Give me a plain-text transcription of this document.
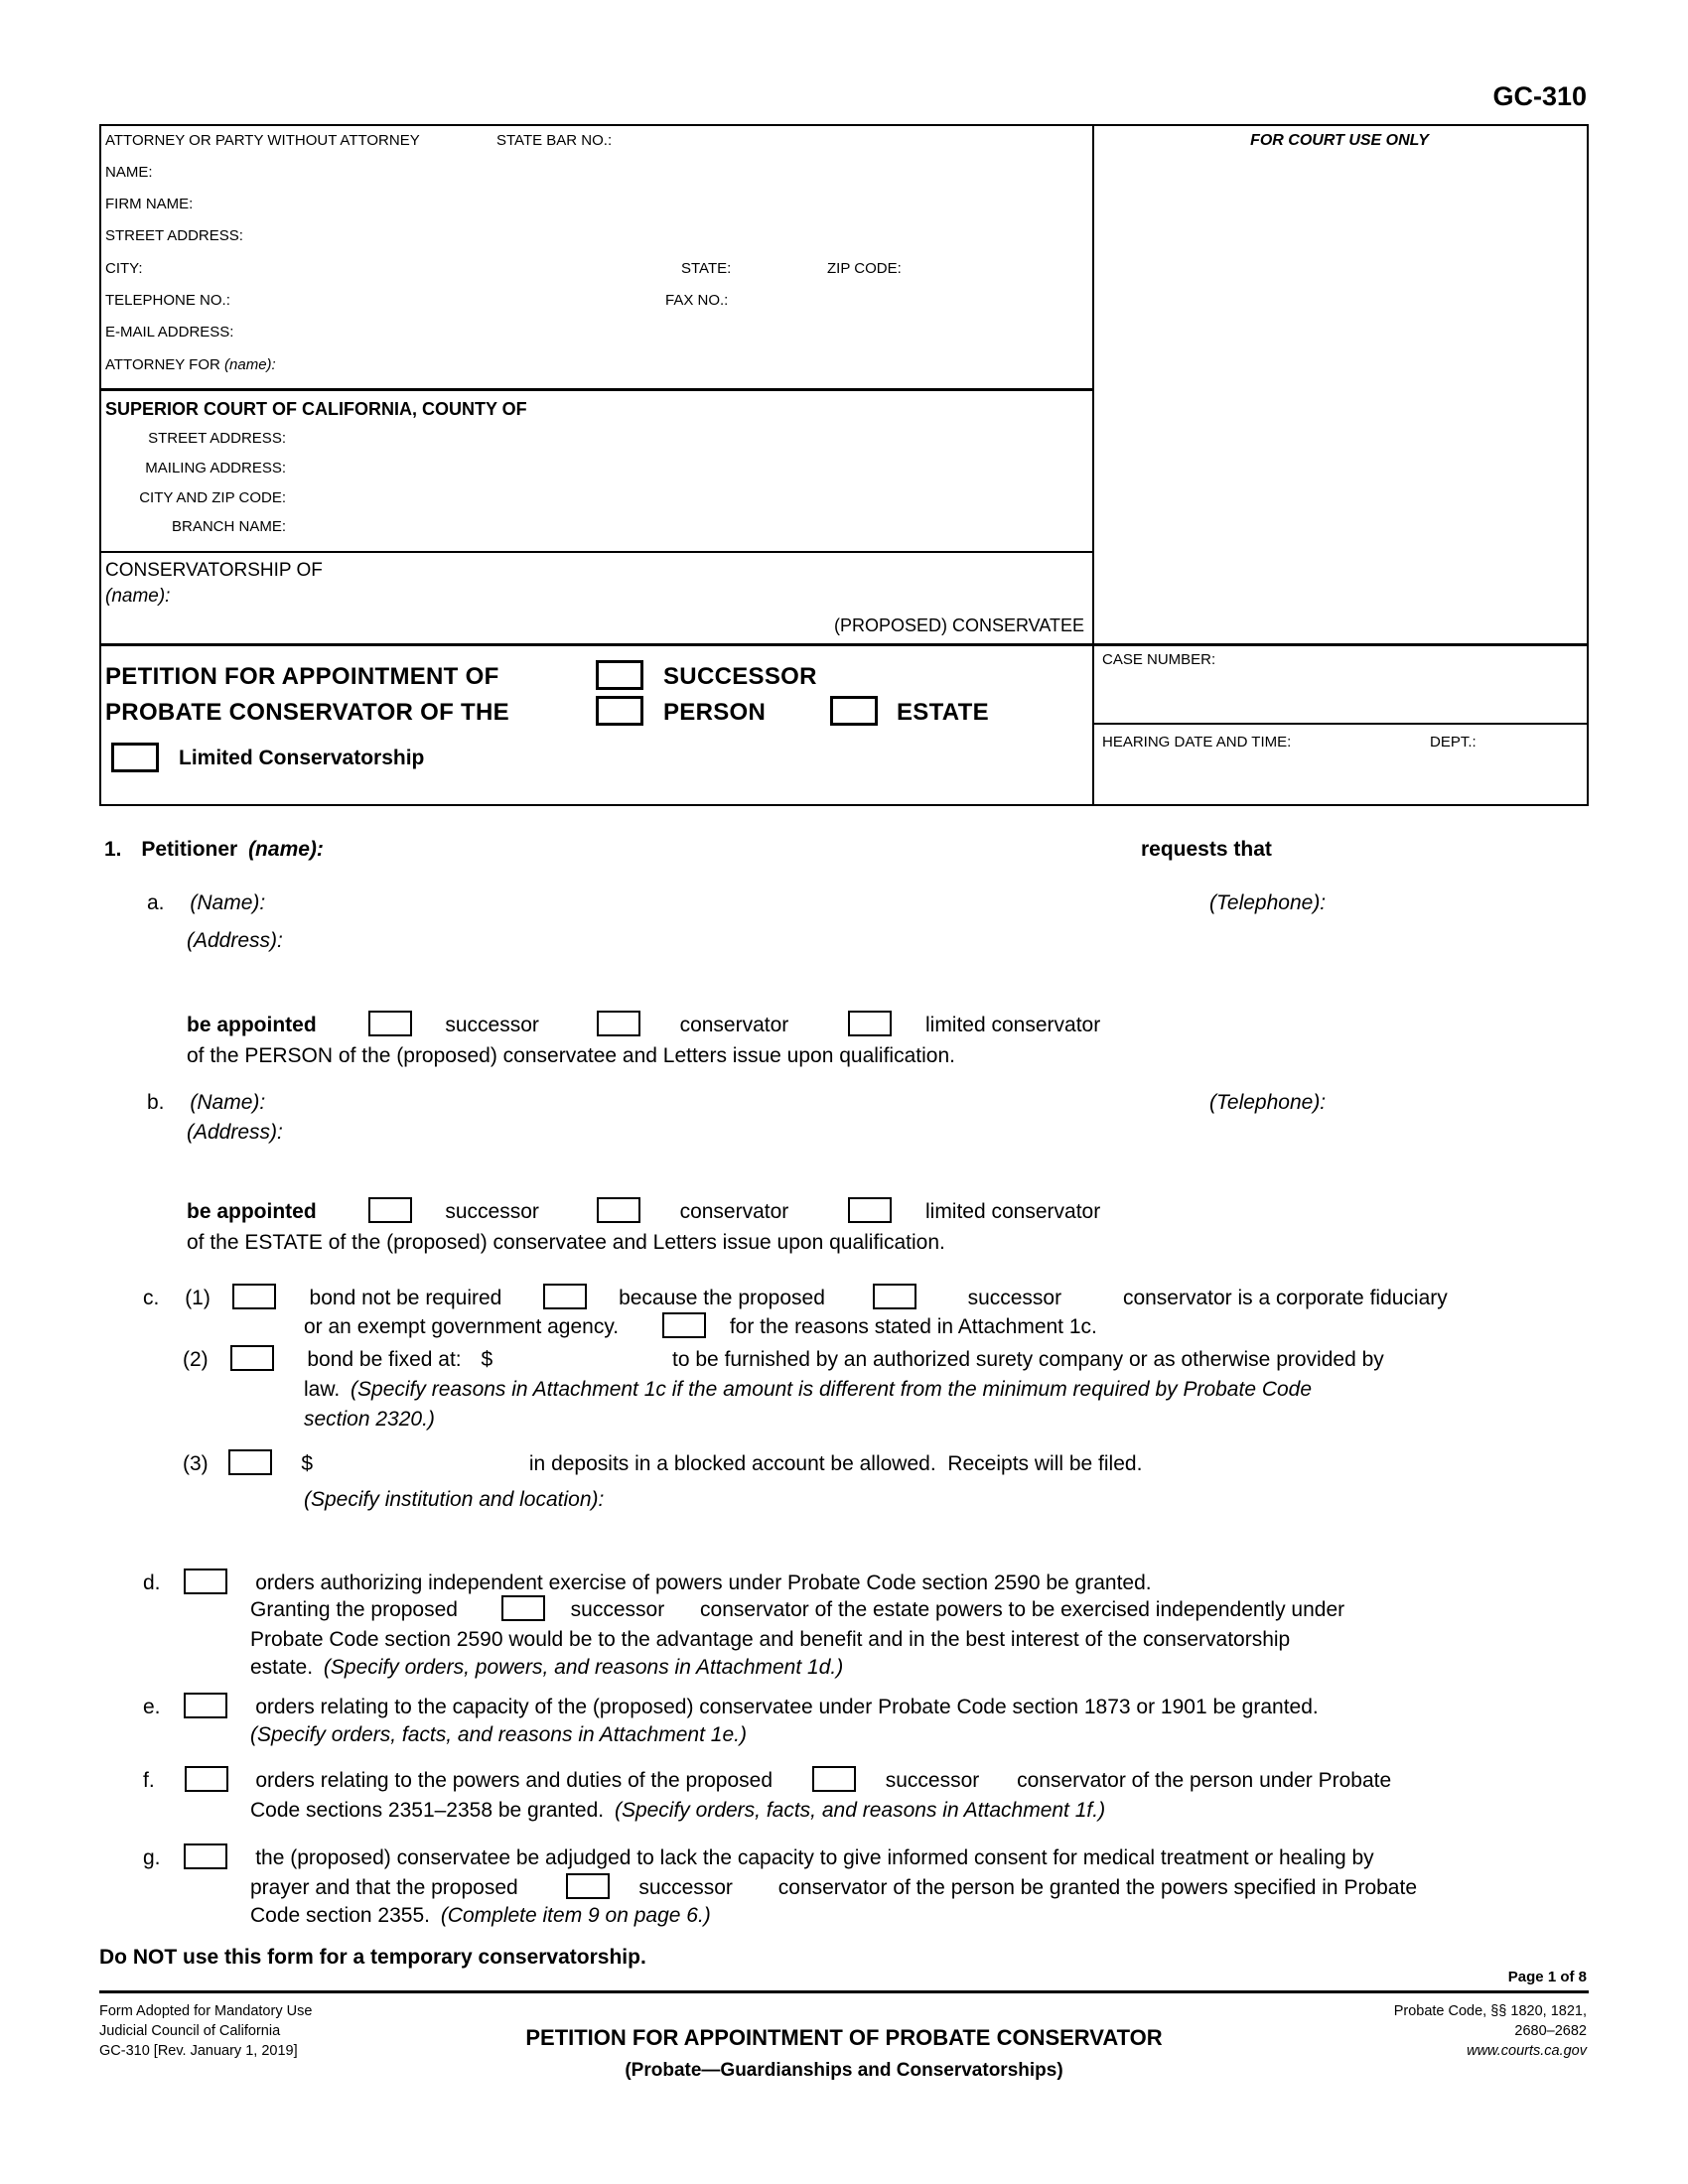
GC-310
ATTORNEY OR PARTY WITHOUT ATTORNEY	STATE BAR NO.:
NAME:
FIRM NAME:
STREET ADDRESS:
CITY:	STATE:	ZIP CODE:
TELEPHONE NO.:	FAX NO.:
E-MAIL ADDRESS:
ATTORNEY FOR (name):
FOR COURT USE ONLY
SUPERIOR COURT OF CALIFORNIA, COUNTY OF
STREET ADDRESS:
MAILING ADDRESS:
CITY AND ZIP CODE:
BRANCH NAME:
CONSERVATORSHIP OF
(name):
(PROPOSED) CONSERVATEE
PETITION FOR APPOINTMENT OF	SUCCESSOR
PROBATE CONSERVATOR OF THE	PERSON	ESTATE
Limited Conservatorship
CASE NUMBER:
HEARING DATE AND TIME:	DEPT.:
1. Petitioner (name):	requests that
a. (Name):	(Telephone):
(Address):
be appointed	successor	conservator	limited conservator
of the PERSON of the (proposed) conservatee and Letters issue upon qualification.
b. (Name):	(Telephone):
(Address):
be appointed	successor	conservator	limited conservator
of the ESTATE of the (proposed) conservatee and Letters issue upon qualification.
c. (1)	bond not be required	because the proposed	successor	conservator is a corporate fiduciary
or an exempt government agency.	for the reasons stated in Attachment 1c.
(2)	bond be fixed at: $	to be furnished by an authorized surety company or as otherwise provided by
law. (Specify reasons in Attachment 1c if the amount is different from the minimum required by Probate Code
section 2320.)
(3)	$	in deposits in a blocked account be allowed.  Receipts will be filed.
(Specify institution and location):
d.	orders authorizing independent exercise of powers under Probate Code section 2590 be granted.
Granting the proposed	successor conservator of the estate powers to be exercised independently under
Probate Code section 2590 would be to the advantage and benefit and in the best interest of the conservatorship
estate. (Specify orders, powers, and reasons in Attachment 1d.)
e.	orders relating to the capacity of the (proposed) conservatee under Probate Code section 1873 or 1901 be granted.
(Specify orders, facts, and reasons in Attachment 1e.)
f.	orders relating to the powers and duties of the proposed	successor conservator of the person under Probate
Code sections 2351–2358 be granted. (Specify orders, facts, and reasons in Attachment 1f.)
g.	the (proposed) conservatee be adjudged to lack the capacity to give informed consent for medical treatment or healing by
prayer and that the proposed	successor conservator of the person be granted the powers specified in Probate
Code section 2355. (Complete item 9 on page 6.)
Do NOT use this form for a temporary conservatorship.
Page 1 of 8
Form Adopted for Mandatory Use
Judicial Council of California
GC-310 [Rev. January 1, 2019]
PETITION FOR APPOINTMENT OF PROBATE CONSERVATOR
(Probate—Guardianships and Conservatorships)
Probate Code, §§ 1820, 1821,
2680–2682
www.courts.ca.gov
